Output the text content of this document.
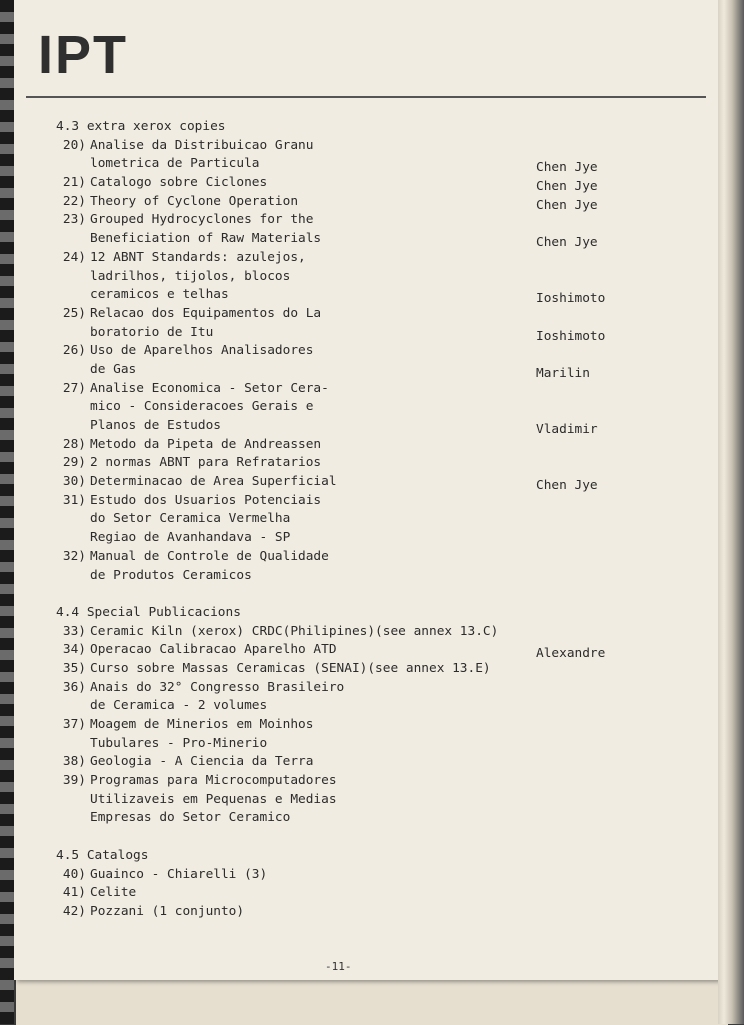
IPT
4.3 extra xerox copies
20) Analise da Distribuicao Granu
lometrica de Particula	Chen Jye
21) Catalogo sobre Ciclones	Chen Jye
22) Theory of Cyclone Operation	Chen Jye
23) Grouped Hydrocyclones for the
Beneficiation of Raw Materials	Chen Jye
24) 12 ABNT Standards: azulejos,
ladrilhos, tijolos, blocos
ceramicos e telhas	Ioshimoto
25) Relacao dos Equipamentos do La
boratorio de Itu	Ioshimoto
26) Uso de Aparelhos Analisadores
de Gas	Marilin
27) Analise Economica - Setor Cera-
mico - Consideracoes Gerais e
Planos de Estudos	Vladimir
28) Metodo da Pipeta de Andreassen
29) 2 normas ABNT para Refratarios
30) Determinacao de Area Superficial	Chen Jye
31) Estudo dos Usuarios Potenciais
do Setor Ceramica Vermelha
Regiao de Avanhandava - SP
32) Manual de Controle de Qualidade
de Produtos Ceramicos
4.4 Special Publicacions
33) Ceramic Kiln (xerox) CRDC(Philipines)(see annex 13.C)
34) Operacao Calibracao Aparelho ATD	Alexandre
35) Curso sobre Massas Ceramicas (SENAI)(see annex 13.E)
36) Anais do 32° Congresso Brasileiro
de Ceramica - 2 volumes
37) Moagem de Minerios em Moinhos
Tubulares - Pro-Minerio
38) Geologia - A Ciencia da Terra
39) Programas para Microcomputadores
Utilizaveis em Pequenas e Medias
Empresas do Setor Ceramico
4.5 Catalogs
40) Guainco - Chiarelli (3)
41) Celite
42) Pozzani (1 conjunto)
-11-
